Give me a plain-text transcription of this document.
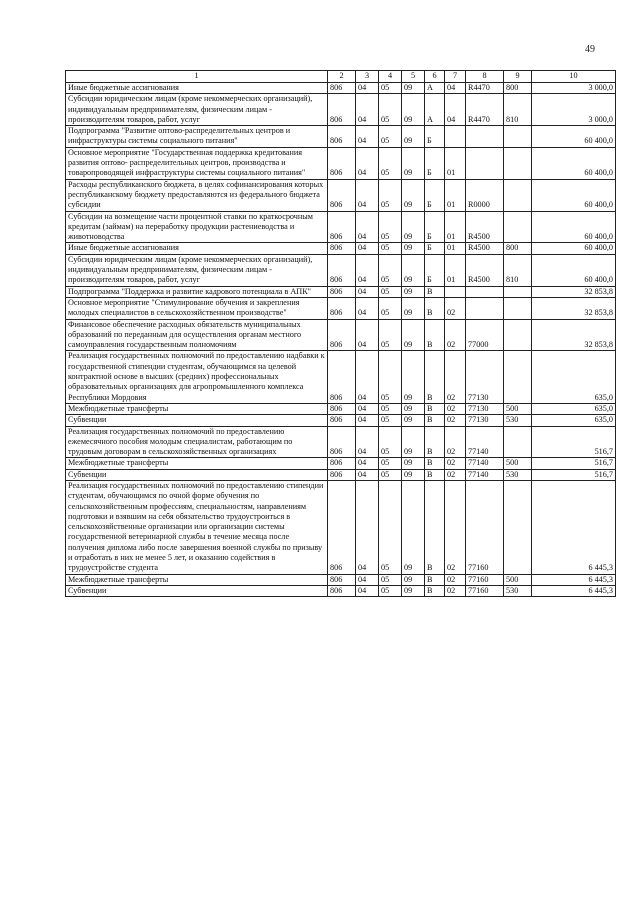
49
1	2	3	4	5	6	7	8	9	10
Иные бюджетные ассигнования	806	04	05	09	А	04	R4470	800	3 000,0
Субсидии юридическим лицам (кроме некоммерческих организаций), индивидуальным предпринимателям, физическим лицам - производителям товаров, работ, услуг	806	04	05	09	А	04	R4470	810	3 000,0
Подпрограмма "Развитие оптово-распределительных центров и инфраструктуры системы социального питания"	806	04	05	09	Б				60 400,0
Основное мероприятие "Государственная поддержка кредитования развития оптово- распределительных центров, производства и товаропроводящей инфраструктуры системы социального питания"	806	04	05	09	Б	01			60 400,0
Расходы республиканского бюджета, в целях софинансирования которых республиканскому бюджету предоставляются из федерального бюджета субсидии	806	04	05	09	Б	01	R0000		60 400,0
Субсидии на возмещение части процентной ставки по краткосрочным кредитам (займам) на переработку продукции растениеводства и животноводства	806	04	05	09	Б	01	R4500		60 400,0
Иные бюджетные ассигнования	806	04	05	09	Б	01	R4500	800	60 400,0
Субсидии юридическим лицам (кроме некоммерческих организаций), индивидуальным предпринимателям, физическим лицам - производителям товаров, работ, услуг	806	04	05	09	Б	01	R4500	810	60 400,0
Подпрограмма "Поддержка и развитие кадрового потенциала в АПК"	806	04	05	09	В				32 853,8
Основное мероприятие "Стимулирование обучения и закрепления молодых специалистов в сельскохозяйственном производстве"	806	04	05	09	В	02			32 853,8
Финансовое обеспечение расходных обязательств муниципальных образований по переданным для осуществления органам местного самоуправления государственным полномочиям	806	04	05	09	В	02	77000		32 853,8
Реализация государственных полномочий по предоставлению надбавки к государственной стипендии студентам, обучающимся на целевой контрактной основе в высших (средних) профессиональных образовательных организациях для агропромышленного комплекса Республики Мордовия	806	04	05	09	В	02	77130		635,0
Межбюджетные трансферты	806	04	05	09	В	02	77130	500	635,0
Субвенции	806	04	05	09	В	02	77130	530	635,0
Реализация государственных полномочий по предоставлению ежемесячного пособия молодым специалистам, работающим по трудовым договорам в сельскохозяйственных организациях	806	04	05	09	В	02	77140		516,7
Межбюджетные трансферты	806	04	05	09	В	02	77140	500	516,7
Субвенции	806	04	05	09	В	02	77140	530	516,7
Реализация государственных полномочий по предоставлению стипендии студентам, обучающимся по очной форме обучения по сельскохозяйственным профессиям, специальностям, направлениям подготовки и взявшим на себя обязательство трудоустроиться в сельскохозяйственные организации или организации системы государственной ветеринарной службы в течение месяца после получения диплома либо после завершения военной службы по призыву и отработать в них не менее 5 лет, и оказанию содействия в трудоустройстве студента	806	04	05	09	В	02	77160		6 445,3
Межбюджетные трансферты	806	04	05	09	В	02	77160	500	6 445,3
Субвенции	806	04	05	09	В	02	77160	530	6 445,3
